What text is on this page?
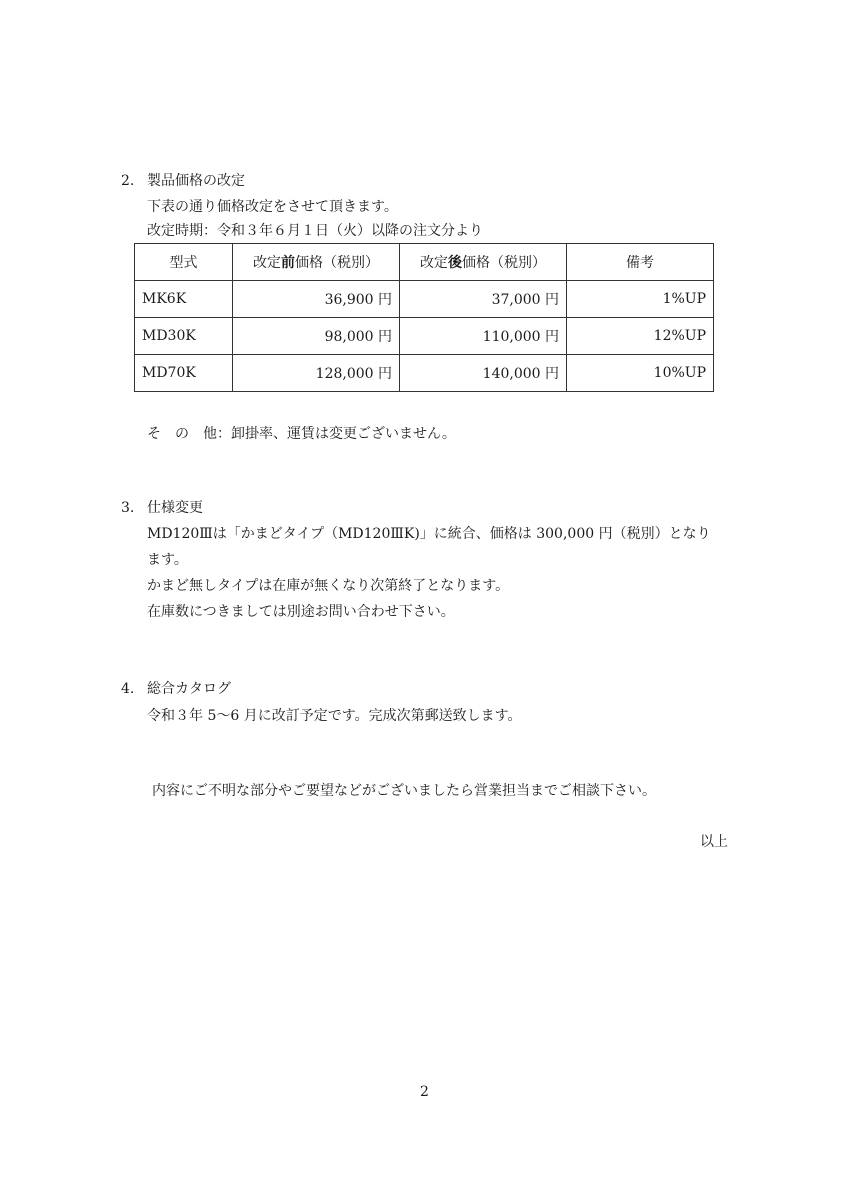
2. 製品価格の改定
下表の通り価格改定をさせて頂きます。
改定時期：令和３年６月１日（火）以降の注文分より
型式	改定前価格（税別）	改定後価格（税別）	備考
MK6K	36,900 円	37,000 円	1%UP
MD30K	98,000 円	110,000 円	12%UP
MD70K	128,000 円	140,000 円	10%UP
そ　の　他：卸掛率、運賃は変更ございません。
3. 仕様変更
MD120Ⅲは「かまどタイプ（MD120ⅢK)」に統合、価格は 300,000 円（税別）となり
ます。
かまど無しタイプは在庫が無くなり次第終了となります。
在庫数につきましては別途お問い合わせ下さい。
4. 総合カタログ
令和３年 5～6 月に改訂予定です。完成次第郵送致します。
内容にご不明な部分やご要望などがございましたら営業担当までご相談下さい。
以上
2
